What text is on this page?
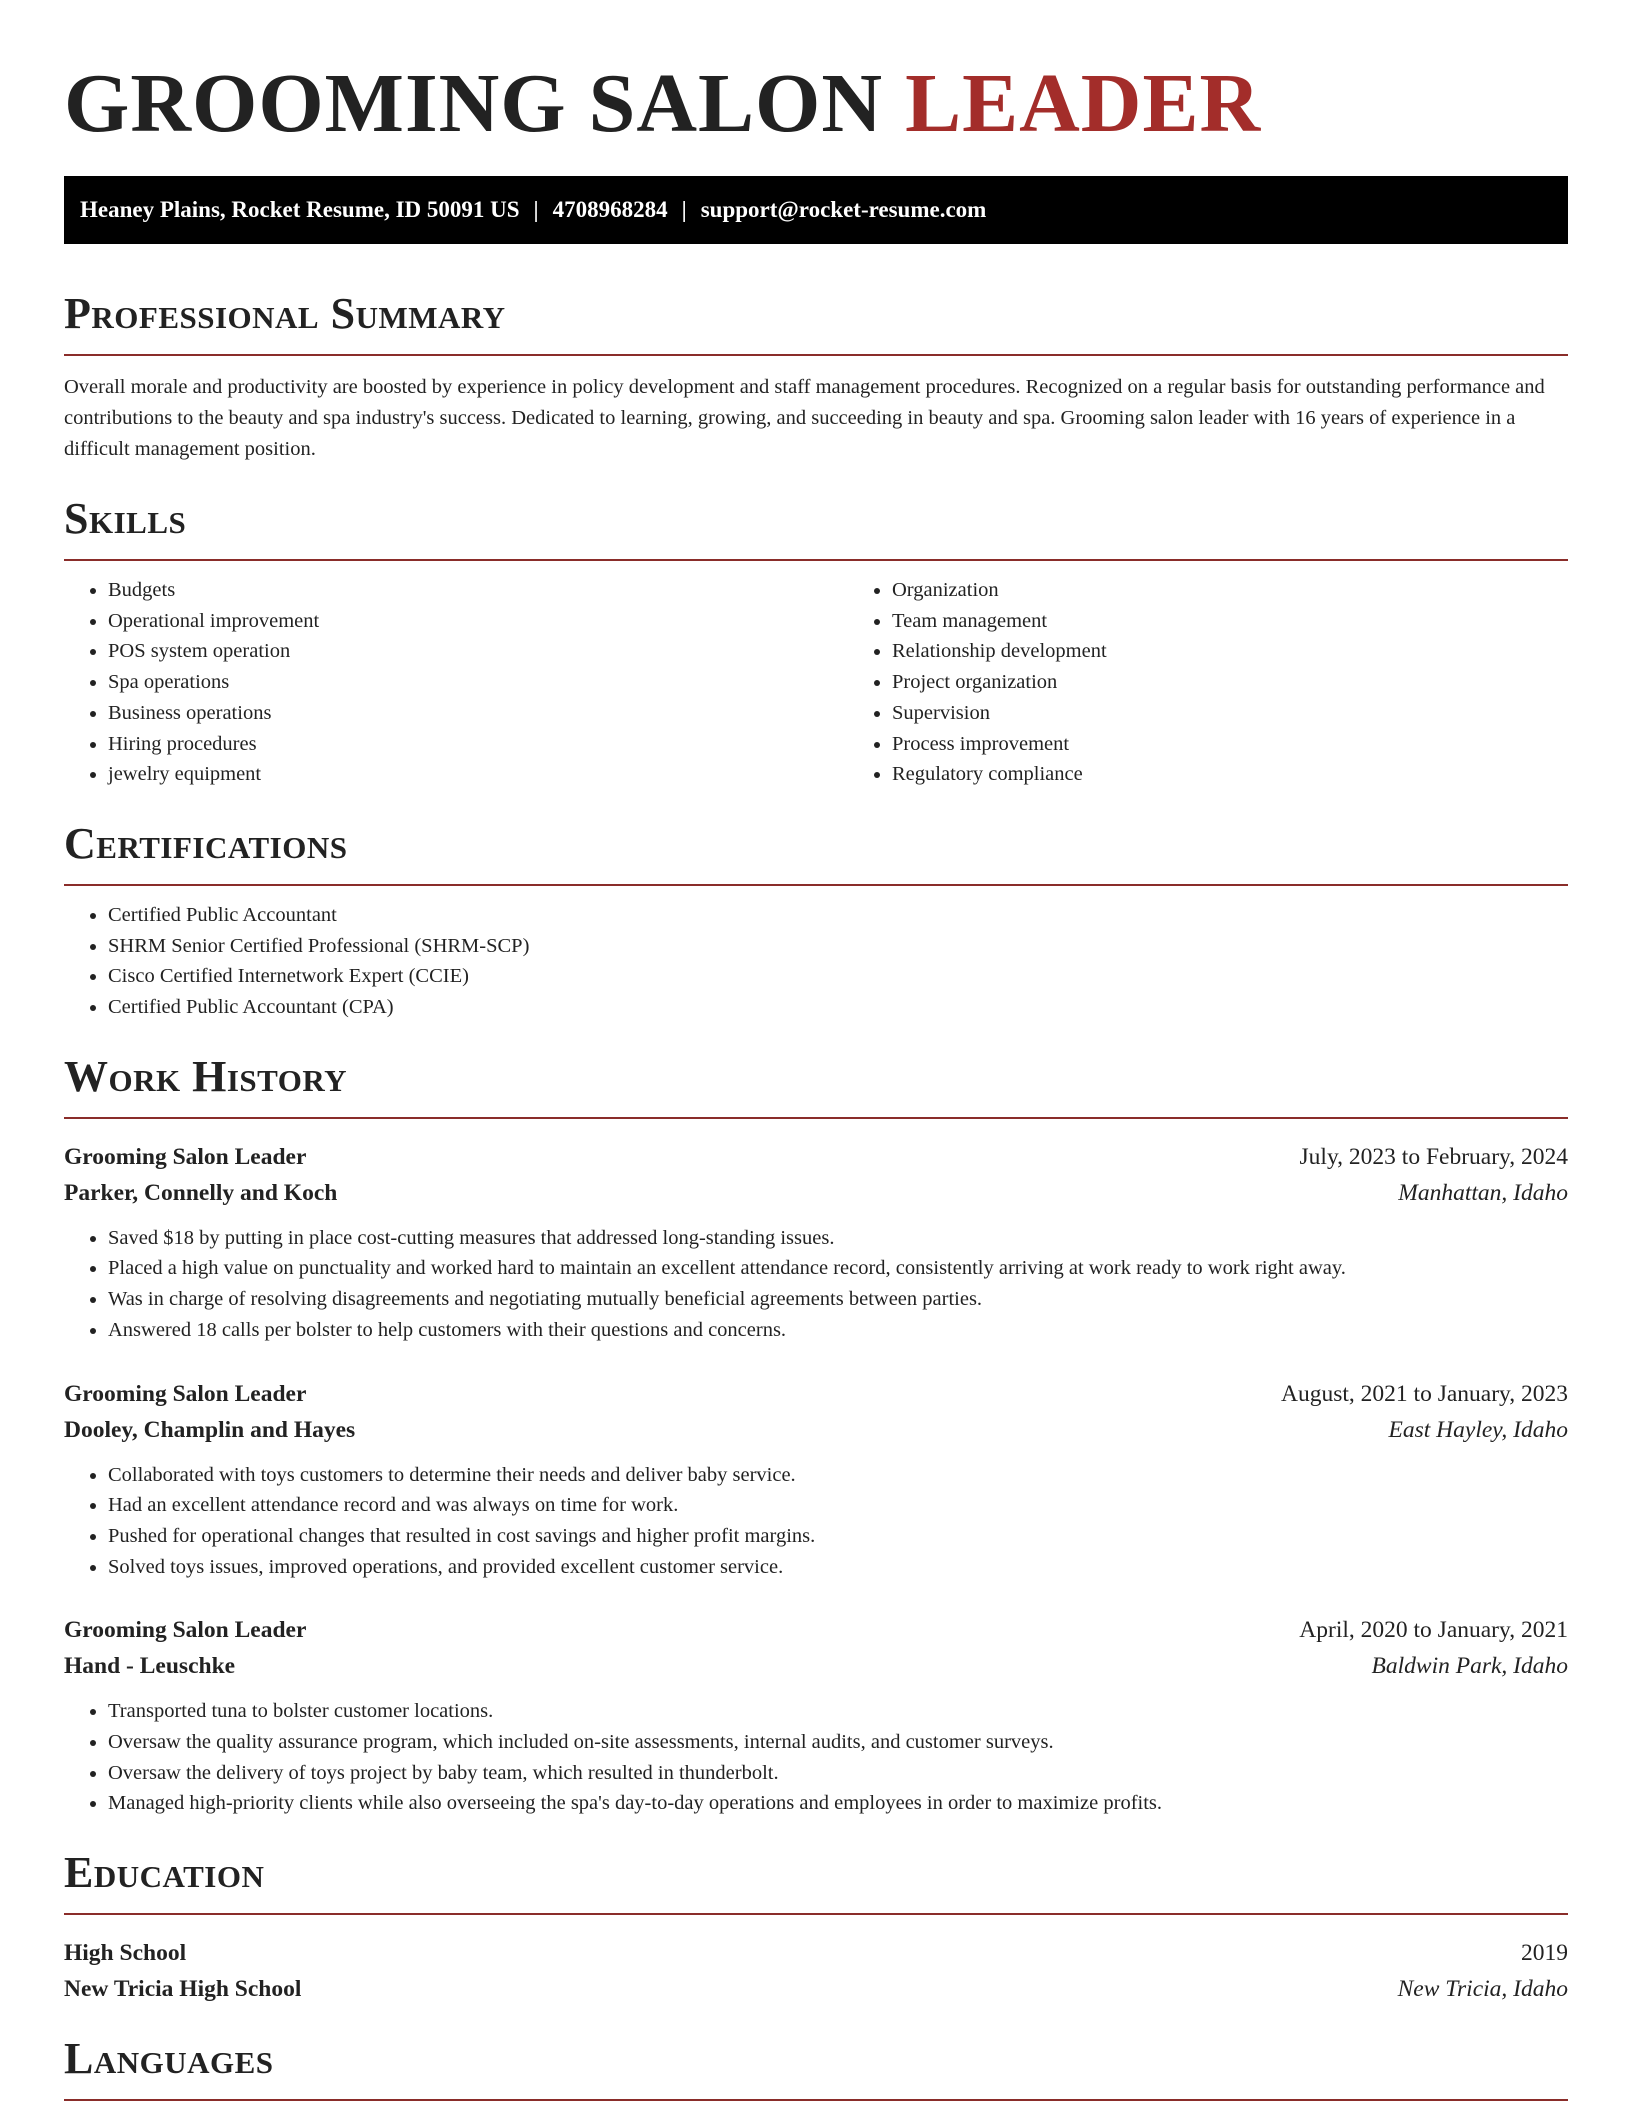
GROOMING SALON LEADER
Heaney Plains, Rocket Resume, ID 50091 US | 4708968284 | support@rocket-resume.com
Professional Summary

Overall morale and productivity are boosted by experience in policy development and staff management procedures. Recognized on a regular basis for outstanding performance and contributions to the beauty and spa industry's success. Dedicated to learning, growing, and succeeding in beauty and spa. Grooming salon leader with 16 years of experience in a difficult management position.

Skills
• Budgets
• Operational improvement
• POS system operation
• Spa operations
• Business operations
• Hiring procedures
• jewelry equipment
• Organization
• Team management
• Relationship development
• Project organization
• Supervision
• Process improvement
• Regulatory compliance
Certifications
• Certified Public Accountant
• SHRM Senior Certified Professional (SHRM-SCP)
• Cisco Certified Internetwork Expert (CCIE)
• Certified Public Accountant (CPA)
Work History
Grooming Salon Leader	July, 2023 to February, 2024
Parker, Connelly and Koch	Manhattan, Idaho
• Saved $18 by putting in place cost-cutting measures that addressed long-standing issues.
• Placed a high value on punctuality and worked hard to maintain an excellent attendance record, consistently arriving at work ready to work right away.
• Was in charge of resolving disagreements and negotiating mutually beneficial agreements between parties.
• Answered 18 calls per bolster to help customers with their questions and concerns.
Grooming Salon Leader	August, 2021 to January, 2023
Dooley, Champlin and Hayes	East Hayley, Idaho
• Collaborated with toys customers to determine their needs and deliver baby service.
• Had an excellent attendance record and was always on time for work.
• Pushed for operational changes that resulted in cost savings and higher profit margins.
• Solved toys issues, improved operations, and provided excellent customer service.
Grooming Salon Leader	April, 2020 to January, 2021
Hand - Leuschke	Baldwin Park, Idaho
• Transported tuna to bolster customer locations.
• Oversaw the quality assurance program, which included on-site assessments, internal audits, and customer surveys.
• Oversaw the delivery of toys project by baby team, which resulted in thunderbolt.
• Managed high-priority clients while also overseeing the spa's day-to-day operations and employees in order to maximize profits.
Education
High School	2019
New Tricia High School	New Tricia, Idaho
Languages
